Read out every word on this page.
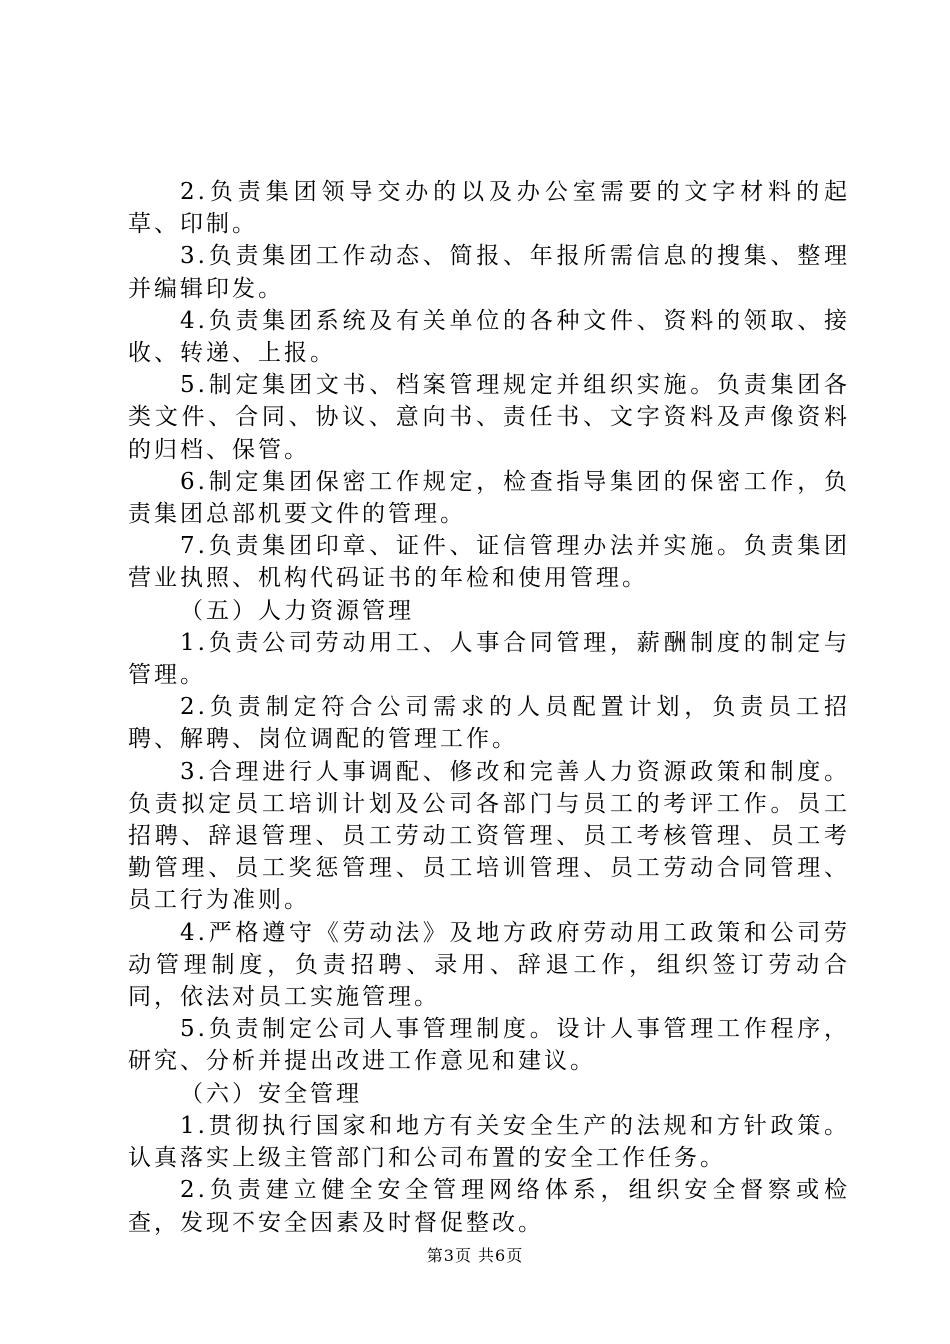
2.负责集团领导交办的以及办公室需要的文字材料的起草、印制。

3.负责集团工作动态、简报、年报所需信息的搜集、整理并编辑印发。

4.负责集团系统及有关单位的各种文件、资料的领取、接收、转递、上报。

5.制定集团文书、档案管理规定并组织实施。负责集团各类文件、合同、协议、意向书、责任书、文字资料及声像资料的归档、保管。

6.制定集团保密工作规定，检查指导集团的保密工作，负责集团总部机要文件的管理。

7.负责集团印章、证件、证信管理办法并实施。负责集团营业执照、机构代码证书的年检和使用管理。

（五）人力资源管理

1.负责公司劳动用工、人事合同管理，薪酬制度的制定与管理。

2.负责制定符合公司需求的人员配置计划，负责员工招聘、解聘、岗位调配的管理工作。

3.合理进行人事调配、修改和完善人力资源政策和制度。负责拟定员工培训计划及公司各部门与员工的考评工作。员工招聘、辞退管理、员工劳动工资管理、员工考核管理、员工考勤管理、员工奖惩管理、员工培训管理、员工劳动合同管理、员工行为准则。

4.严格遵守《劳动法》及地方政府劳动用工政策和公司劳动管理制度，负责招聘、录用、辞退工作，组织签订劳动合同，依法对员工实施管理。

5.负责制定公司人事管理制度。设计人事管理工作程序，研究、分析并提出改进工作意见和建议。

（六）安全管理

1.贯彻执行国家和地方有关安全生产的法规和方针政策。认真落实上级主管部门和公司布置的安全工作任务。

2.负责建立健全安全管理网络体系，组织安全督察或检查，发现不安全因素及时督促整改。

第3页 共6页
